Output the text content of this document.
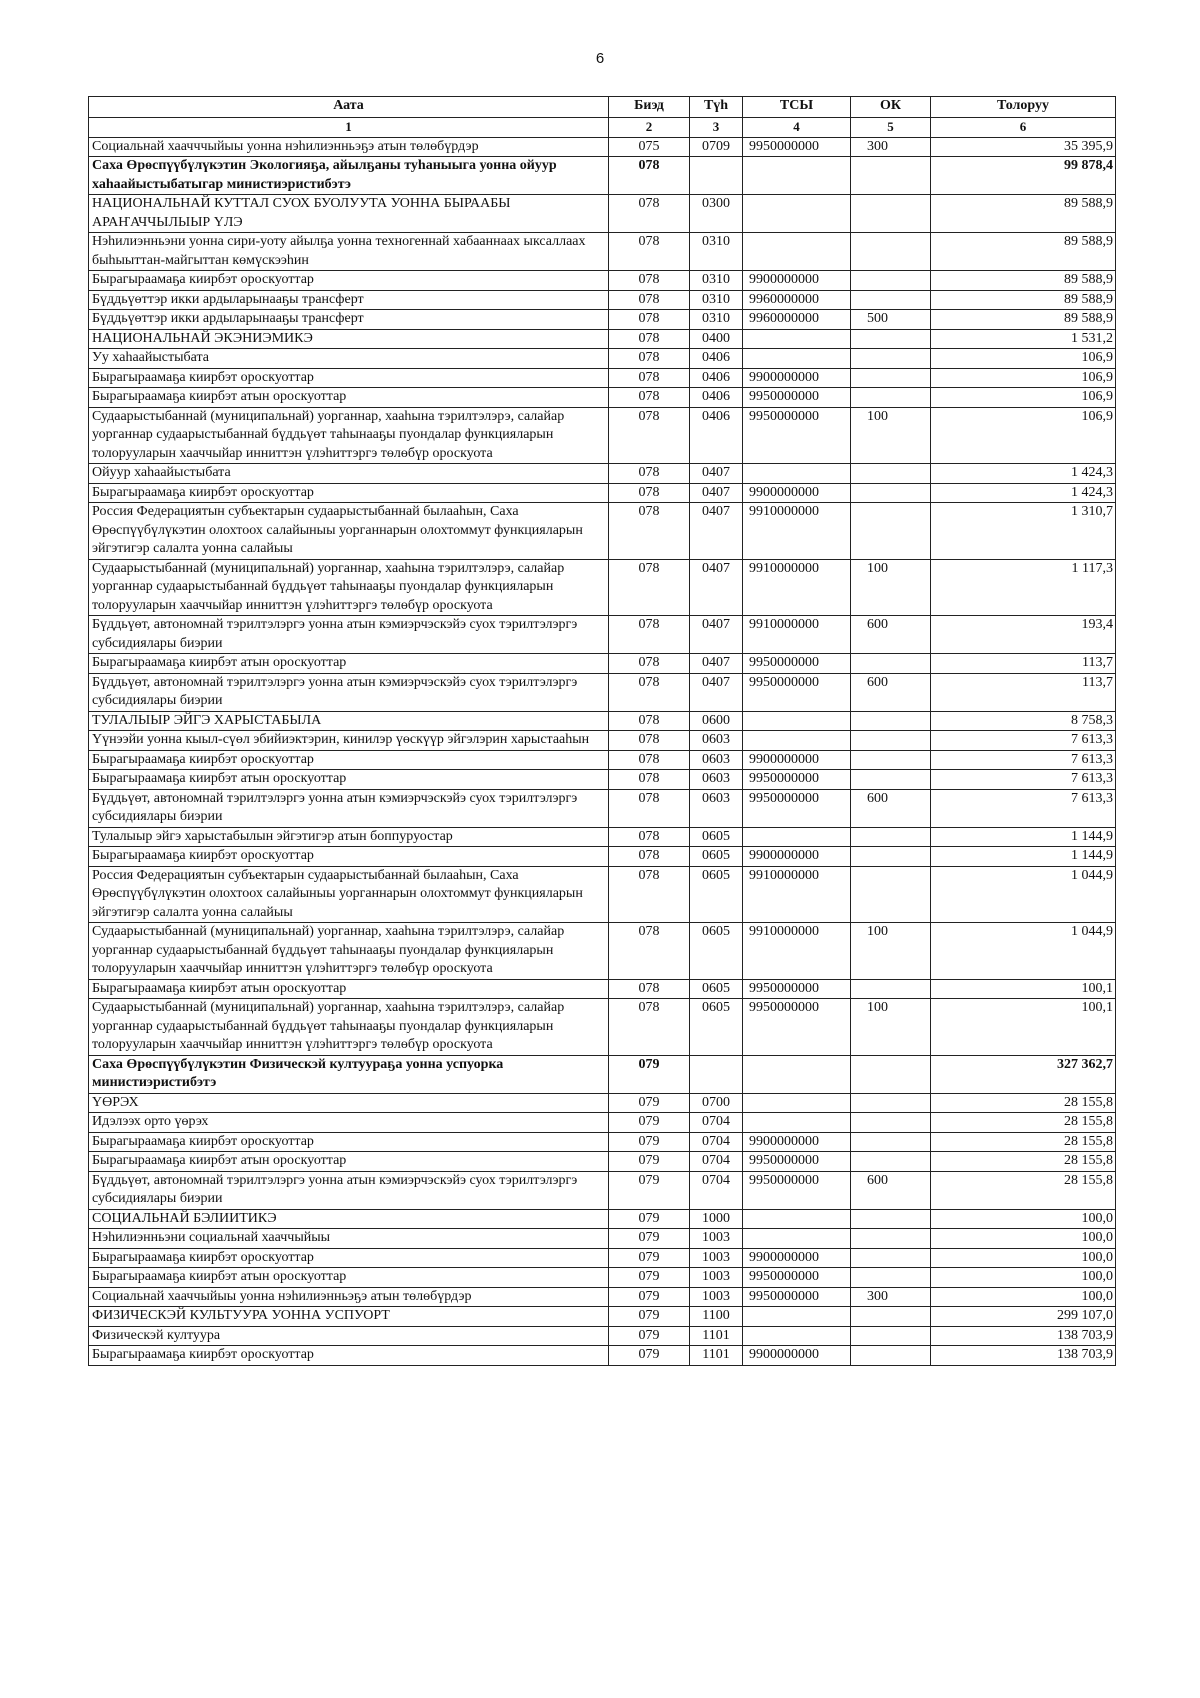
6
Аата	Биэд	Түһ	ТСЫ	ОК	Толоруу
1	2	3	4	5	6
Социальнай хаачччыйыы уонна нэһилиэнньэҕэ атын төлөбүрдэр	075	0709	9950000000	300	35 395,9
Саха Өрөспүүбүлүкэтин Экологияҕа, айылҕаны туһаныыга уонна ойуур хаһаайыстыбатыгар министиэристибэтэ	078				99 878,4
НАЦИОНАЛЬНАЙ КУТТАЛ СУОХ БУОЛУУТА УОННА БЫРААБЫ АРАҤАЧЧЫЛЫЫР ҮЛЭ	078	0300			89 588,9
Нэһилиэнньэни уонна сири-уоту айылҕа уонна техногеннай хабааннаах ыксаллаах быһыыттан-майгыттан көмүскээһин	078	0310			89 588,9
Бырагыраамаҕа киирбэт ороскуоттар	078	0310	9900000000		89 588,9
Бүддьүөттэр икки ардыларынааҕы трансферт	078	0310	9960000000		89 588,9
Бүддьүөттэр икки ардыларынааҕы трансферт	078	0310	9960000000	500	89 588,9
НАЦИОНАЛЬНАЙ ЭКЭНИЭМИКЭ	078	0400			1 531,2
Уу хаһаайыстыбата	078	0406			106,9
Бырагыраамаҕа киирбэт ороскуоттар	078	0406	9900000000		106,9
Бырагыраамаҕа киирбэт атын ороскуоттар	078	0406	9950000000		106,9
Судаарыстыбаннай (муниципальнай) уорганнар, хааһына тэрилтэлэрэ, салайар уорганнар судаарыстыбаннай бүддьүөт таһынааҕы пуондалар функцияларын толорууларын хааччыйар инниттэн үлэһиттэргэ төлөбүр ороскуота	078	0406	9950000000	100	106,9
Ойуур хаһаайыстыбата	078	0407			1 424,3
Бырагыраамаҕа киирбэт ороскуоттар	078	0407	9900000000		1 424,3
Россия Федерациятын субъектарын судаарыстыбаннай былааһын, Саха Өрөспүүбүлүкэтин олохтоох салайыныы уорганнарын олохтоммут функцияларын эйгэтигэр салалта уонна салайыы	078	0407	9910000000		1 310,7
Судаарыстыбаннай (муниципальнай) уорганнар, хааһына тэрилтэлэрэ, салайар уорганнар судаарыстыбаннай бүддьүөт таһынааҕы пуондалар функцияларын толорууларын хааччыйар инниттэн үлэһиттэргэ төлөбүр ороскуота	078	0407	9910000000	100	1 117,3
Бүддьүөт, автономнай тэрилтэлэргэ уонна атын кэмиэрчэскэйэ суох тэрилтэлэргэ субсидиялары биэрии	078	0407	9910000000	600	193,4
Бырагыраамаҕа киирбэт атын ороскуоттар	078	0407	9950000000		113,7
Бүддьүөт, автономнай тэрилтэлэргэ уонна атын кэмиэрчэскэйэ суох тэрилтэлэргэ субсидиялары биэрии	078	0407	9950000000	600	113,7
ТУЛАЛЫЫР ЭЙГЭ ХАРЫСТАБЫЛА	078	0600			8 758,3
Үүнээйи уонна кыыл-сүөл эбийиэктэрин, кинилэр үөскүүр эйгэлэрин харыстааһын	078	0603			7 613,3
Бырагыраамаҕа киирбэт ороскуоттар	078	0603	9900000000		7 613,3
Бырагыраамаҕа киирбэт атын ороскуоттар	078	0603	9950000000		7 613,3
Бүддьүөт, автономнай тэрилтэлэргэ уонна атын кэмиэрчэскэйэ суох тэрилтэлэргэ субсидиялары биэрии	078	0603	9950000000	600	7 613,3
Тулалыыр эйгэ харыстабылын эйгэтигэр атын боппуруостар	078	0605			1 144,9
Бырагыраамаҕа киирбэт ороскуоттар	078	0605	9900000000		1 144,9
Россия Федерациятын субъектарын судаарыстыбаннай былааһын, Саха Өрөспүүбүлүкэтин олохтоох салайыныы уорганнарын олохтоммут функцияларын эйгэтигэр салалта уонна салайыы	078	0605	9910000000		1 044,9
Судаарыстыбаннай (муниципальнай) уорганнар, хааһына тэрилтэлэрэ, салайар уорганнар судаарыстыбаннай бүддьүөт таһынааҕы пуондалар функцияларын толорууларын хааччыйар инниттэн үлэһиттэргэ төлөбүр ороскуота	078	0605	9910000000	100	1 044,9
Бырагыраамаҕа киирбэт атын ороскуоттар	078	0605	9950000000		100,1
Судаарыстыбаннай (муниципальнай) уорганнар, хааһына тэрилтэлэрэ, салайар уорганнар судаарыстыбаннай бүддьүөт таһынааҕы пуондалар функцияларын толорууларын хааччыйар инниттэн үлэһиттэргэ төлөбүр ороскуота	078	0605	9950000000	100	100,1
Саха Өрөспүүбүлүкэтин Физическэй култуураҕа уонна успуорка министиэристибэтэ	079				327 362,7
ҮӨРЭХ	079	0700			28 155,8
Идэлээх орто үөрэх	079	0704			28 155,8
Бырагыраамаҕа киирбэт ороскуоттар	079	0704	9900000000		28 155,8
Бырагыраамаҕа киирбэт атын ороскуоттар	079	0704	9950000000		28 155,8
Бүддьүөт, автономнай тэрилтэлэргэ уонна атын кэмиэрчэскэйэ суох тэрилтэлэргэ субсидиялары биэрии	079	0704	9950000000	600	28 155,8
СОЦИАЛЬНАЙ БЭЛИИТИКЭ	079	1000			100,0
Нэһилиэнньэни социальнай хааччыйыы	079	1003			100,0
Бырагыраамаҕа киирбэт ороскуоттар	079	1003	9900000000		100,0
Бырагыраамаҕа киирбэт атын ороскуоттар	079	1003	9950000000		100,0
Социальнай хааччыйыы уонна нэһилиэнньэҕэ атын төлөбүрдэр	079	1003	9950000000	300	100,0
ФИЗИЧЕСКЭЙ КУЛЬТУУРА УОННА УСПУОРТ	079	1100			299 107,0
Физическэй култуура	079	1101			138 703,9
Бырагыраамаҕа киирбэт ороскуоттар	079	1101	9900000000		138 703,9
